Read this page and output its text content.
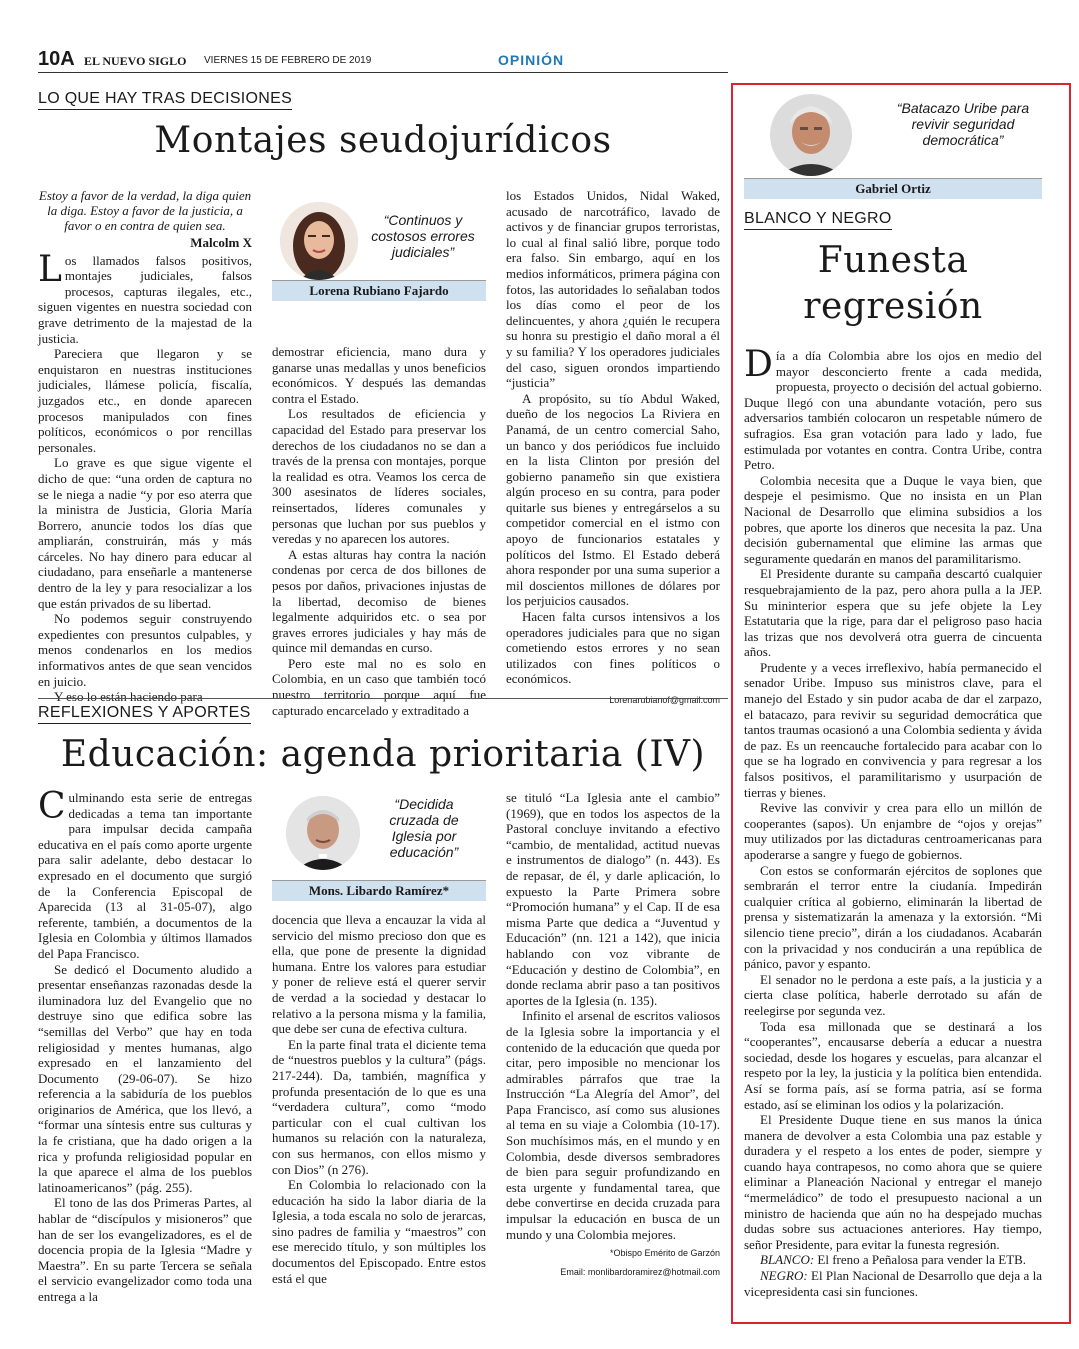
10A EL NUEVO SIGLO VIERNES 15 DE FEBRERO DE 2019	OPINIÓN
LO QUE HAY TRAS DECISIONES
Montajes seudojurídicos
Estoy a favor de la verdad, la diga quien la diga. Estoy a favor de la justicia, a favor o en contra de quien sea.
Malcolm X

Los llamados falsos positivos, montajes judiciales, falsos procesos, capturas ilegales, etc., siguen vigentes en nuestra sociedad con grave detrimento de la majestad de la justicia.

Pareciera que llegaron y se enquistaron en nuestras instituciones judiciales, llámese policía, fiscalía, juzgados etc., en donde aparecen procesos manipulados con fines políticos, económicos o por rencillas personales.

Lo grave es que sigue vigente el dicho de que: “una orden de captura no se le niega a nadie “y por eso aterra que la ministra de Justicia, Gloria María Borrero, anuncie todos los días que ampliarán, construirán, más y más cárceles. No hay dinero para educar al ciudadano, para enseñarle a mantenerse dentro de la ley y para resocializar a los que están privados de su libertad.

No podemos seguir construyendo expedientes con presuntos culpables, y menos condenarlos en los medios informativos antes de que sean vencidos en juicio.

Y eso lo están haciendo para

“Continuos y costosos errores judiciales”
Lorena Rubiano Fajardo

demostrar eficiencia, mano dura y ganarse unas medallas y unos beneficios económicos. Y después las demandas contra el Estado.

Los resultados de eficiencia y capacidad del Estado para preservar los derechos de los ciudadanos no se dan a través de la prensa con montajes, porque la realidad es otra. Veamos los cerca de 300 asesinatos de líderes sociales, reinsertados, líderes comunales y personas que luchan por sus pueblos y veredas y no aparecen los autores.

A estas alturas hay contra la nación condenas por cerca de dos billones de pesos por daños, privaciones injustas de la libertad, decomiso de bienes legalmente adquiridos etc. o sea por graves errores judiciales y hay más de quince mil demandas en curso.

Pero este mal no es solo en Colombia, en un caso que también tocó nuestro territorio porque aquí fue capturado encarcelado y extraditado a

los Estados Unidos, Nidal Waked, acusado de narcotráfico, lavado de activos y de financiar grupos terroristas, lo cual al final salió libre, porque todo era falso. Sin embargo, aquí en los medios informáticos, primera página con fotos, las autoridades lo señalaban todos los días como el peor de los delincuentes, y ahora ¿quién le recupera su honra su prestigio el daño moral a él y su familia? Y los operadores judiciales del caso, siguen orondos impartiendo “justicia”

A propósito, su tío Abdul Waked, dueño de los negocios La Riviera en Panamá, de un centro comercial Saho, un banco y dos periódicos fue incluido en la lista Clinton por presión del gobierno panameño sin que existiera algún proceso en su contra, para poder quitarle sus bienes y entregárselos a su competidor comercial en el istmo con apoyo de funcionarios estatales y políticos del Istmo. El Estado deberá ahora responder por una suma superior a mil doscientos millones de dólares por los perjuicios causados.

Hacen falta cursos intensivos a los operadores judiciales para que no sigan cometiendo estos errores y no sean utilizados con fines políticos o económicos.

Lorenarubianof@gmail.com
REFLEXIONES Y APORTES
Educación: agenda prioritaria (IV)

Culminando esta serie de entregas dedicadas a tema tan importante para impulsar decida campaña educativa en el país como aporte urgente para salir adelante, debo destacar lo expresado en el documento que surgió de la Conferencia Episcopal de Aparecida (13 al 31-05-07), algo referente, también, a documentos de la Iglesia en Colombia y últimos llamados del Papa Francisco.

Se dedicó el Documento aludido a presentar enseñanzas razonadas desde la iluminadora luz del Evangelio que no destruye sino que edifica sobre las “semillas del Verbo” que hay en toda religiosidad y mentes humanas, algo expresado en el lanzamiento del Documento (29-06-07). Se hizo referencia a la sabiduría de los pueblos originarios de América, que los llevó, a “formar una síntesis entre sus culturas y la fe cristiana, que ha dado origen a la rica y profunda religiosidad popular en la que aparece el alma de los pueblos latinoamericanos” (pág. 255).

El tono de las dos Primeras Partes, al hablar de “discípulos y misioneros” que han de ser los evangelizadores, es el de docencia propia de la Iglesia “Madre y Maestra”. En su parte Tercera se señala el servicio evangelizador como toda una entrega a la

“Decidida cruzada de Iglesia por educación”
Mons. Libardo Ramírez*

docencia que lleva a encauzar la vida al servicio del mismo precioso don que es ella, que pone de presente la dignidad humana. Entre los valores para estudiar y poner de relieve está el querer servir de verdad a la sociedad y destacar lo relativo a la persona misma y la familia, que debe ser cuna de efectiva cultura.

En la parte final trata el diciente tema de “nuestros pueblos y la cultura” (págs. 217-244). Da, también, magnífica y profunda presentación de lo que es una “verdadera cultura”, como “modo particular con el cual cultivan los humanos su relación con la naturaleza, con sus hermanos, con ellos mismo y con Dios” (n 276).

En Colombia lo relacionado con la educación ha sido la labor diaria de la Iglesia, a toda escala no solo de jerarcas, sino padres de familia y “maestros” con ese merecido título, y son múltiples los documentos del Episcopado. Entre estos está el que

se tituló “La Iglesia ante el cambio” (1969), que en todos los aspectos de la Pastoral concluye invitando a efectivo “cambio, de mentalidad, actitud nuevas e instrumentos de dialogo” (n. 443). Es de repasar, de él, y darle aplicación, lo expuesto la Parte Primera sobre “Promoción humana” y el Cap. II de esa misma Parte que dedica a “Juventud y Educación” (nn. 121 a 142), que inicia hablando con voz vibrante de “Educación y destino de Colombia”, en donde reclama abrir paso a tan positivos aportes de la Iglesia (n. 135).

Infinito el arsenal de escritos valiosos de la Iglesia sobre la importancia y el contenido de la educación que queda por citar, pero imposible no mencionar los admirables párrafos que trae la Instrucción “La Alegría del Amor”, del Papa Francisco, así como sus alusiones al tema en su viaje a Colombia (10-17). Son muchísimos más, en el mundo y en Colombia, desde diversos sembradores de bien para seguir profundizando en esta urgente y fundamental tarea, que debe convertirse en decida cruzada para impulsar la educación en busca de un mundo y una Colombia mejores.

*Obispo Emérito de Garzón
Email: monlibardoramirez@hotmail.com
“Batacazo Uribe para revivir seguridad democrática”
Gabriel Ortiz
BLANCO Y NEGRO
Funesta
regresión

Día a día Colombia abre los ojos en medio del mayor desconcierto frente a cada medida, propuesta, proyecto o decisión del actual gobierno. Duque llegó con una abundante votación, pero sus adversarios también colocaron un respetable número de sufragios. Esa gran votación para lado y lado, fue estimulada por votantes en contra. Contra Uribe, contra Petro.

Colombia necesita que a Duque le vaya bien, que despeje el pesimismo. Que no insista en un Plan Nacional de Desarrollo que elimina subsidios a los pobres, que aporte los dineros que necesita la paz. Una decisión gubernamental que elimine las armas que seguramente quedarán en manos del paramilitarismo.

El Presidente durante su campaña descartó cualquier resquebrajamiento de la paz, pero ahora pulla a la JEP. Su mininterior espera que su jefe objete la Ley Estatutaria que la rige, para dar el peligroso paso hacia las trizas que nos devolverá otra guerra de cincuenta años.

Prudente y a veces irreflexivo, había permanecido el senador Uribe. Impuso sus ministros clave, para el manejo del Estado y sin pudor acaba de dar el zarpazo, el batacazo, para revivir su seguridad democrática que tantos traumas ocasionó a una Colombia sedienta y ávida de paz. Es un reencauche fortalecido para acabar con lo que se ha logrado en convivencia y para regresar a los falsos positivos, el paramilitarismo y usurpación de tierras y bienes.

Revive las convivir y crea para ello un millón de cooperantes (sapos). Un enjambre de “ojos y orejas” muy utilizados por las dictaduras centroamericanas para apoderarse a sangre y fuego de gobiernos.

Con estos se conformarán ejércitos de soplones que sembrarán el terror entre la ciudanía. Impedirán cualquier crítica al gobierno, eliminarán la libertad de prensa y sistematizarán la amenaza y la extorsión. “Mi silencio tiene precio”, dirán a los ciudadanos. Acabarán con la privacidad y nos conducirán a una república de pánico, pavor y espanto.

El senador no le perdona a este país, a la justicia y a cierta clase política, haberle derrotado su afán de reelegirse por segunda vez.

Toda esa millonada que se destinará a los “cooperantes”, encausarse debería a educar a nuestra sociedad, desde los hogares y escuelas, para alcanzar el respeto por la ley, la justicia y la política bien entendida. Así se forma país, así se forma patria, así se forma estado, así se eliminan los odios y la polarización.

El Presidente Duque tiene en sus manos la única manera de devolver a esta Colombia una paz estable y duradera y el respeto a los entes de poder, siempre y cuando haya contrapesos, no como ahora que se quiere eliminar a Planeación Nacional y entregar el manejo “mermeládico” de todo el presupuesto nacional a un ministro de hacienda que aún no ha despejado muchas dudas sobre sus actuaciones anteriores. Hay tiempo, señor Presidente, para evitar la funesta regresión.

BLANCO: El freno a Peñalosa para vender la ETB.

NEGRO: El Plan Nacional de Desarrollo que deja a la vicepresidenta casi sin funciones.
